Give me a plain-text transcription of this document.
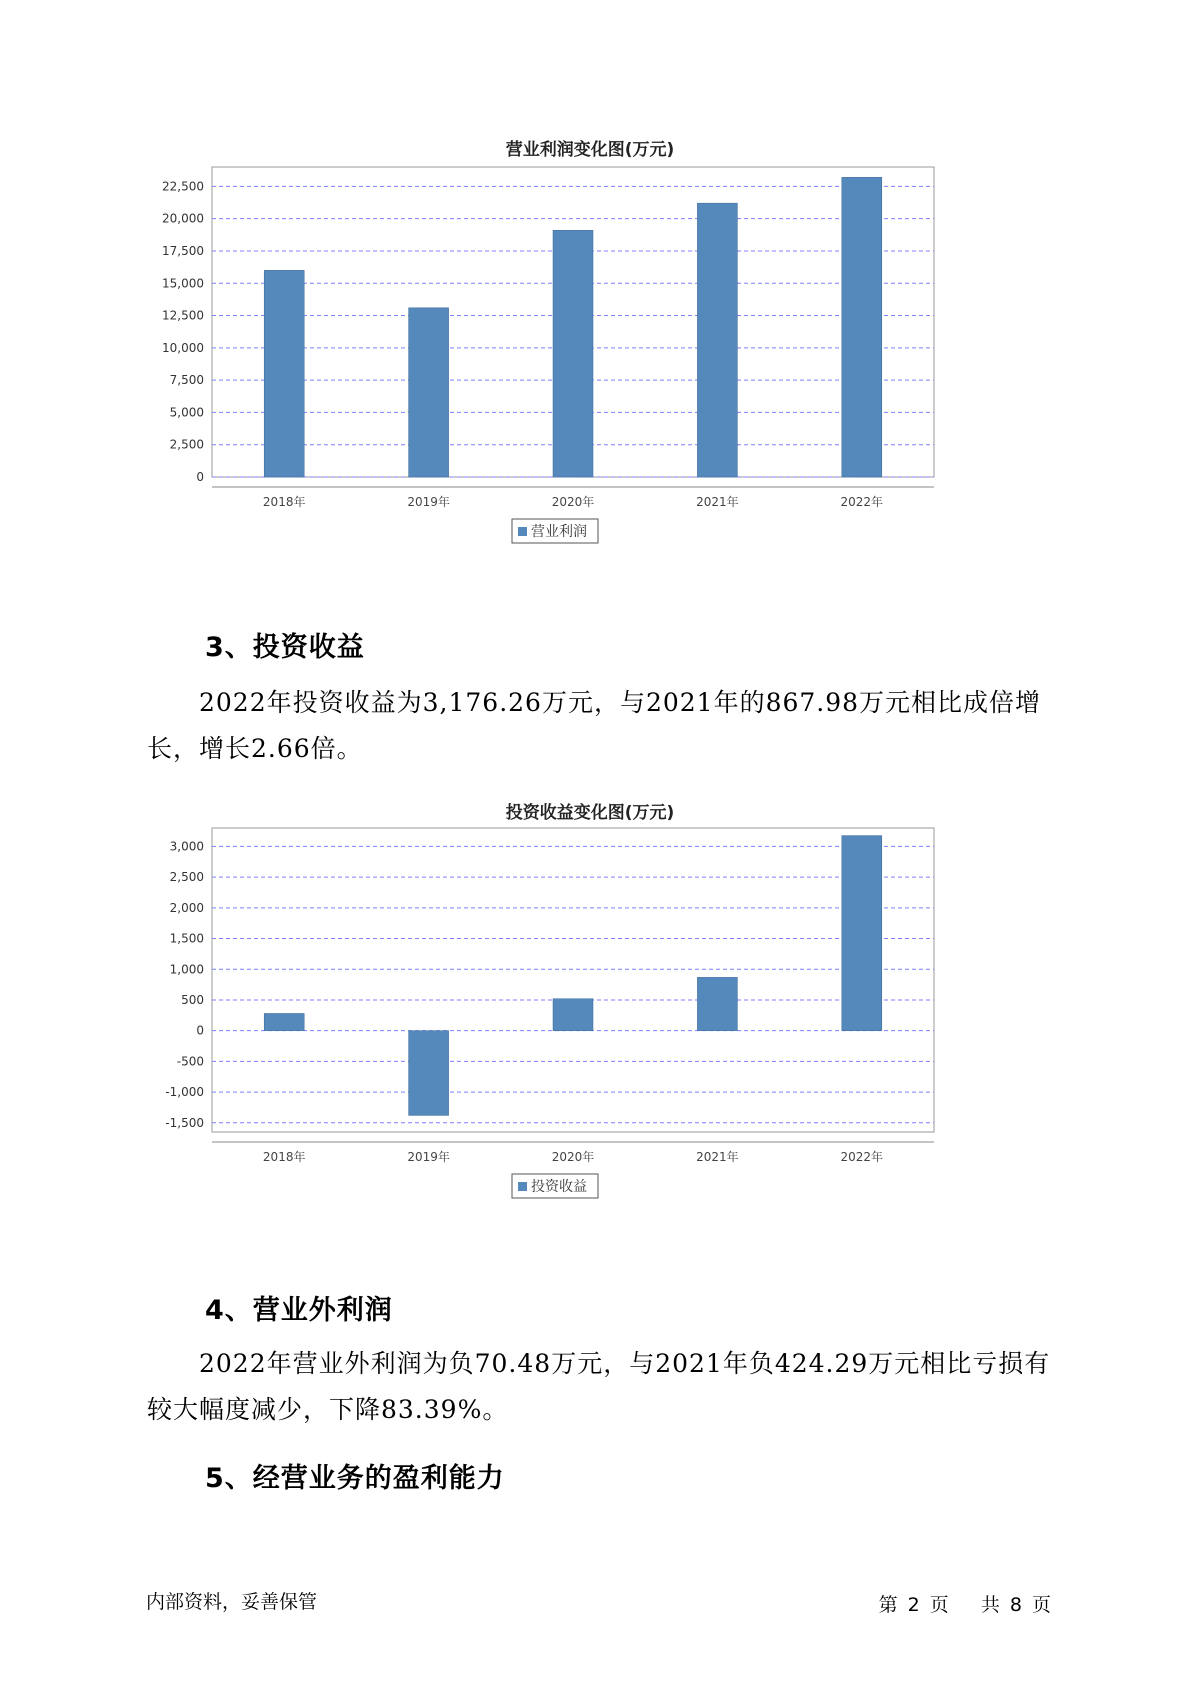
营业利润变化图(万元)
0
2,500
5,000
7,500
10,000
12,500
15,000
17,500
20,000
22,500
2018年	2019年	2020年	2021年	2022年
营业利润
3、投资收益

2022年投资收益为3,176.26万元，与2021年的867.98万元相比成倍增长，增长2.66倍。

投资收益变化图(万元)
-1,500
-1,000
-500
0
500
1,000
1,500
2,000
2,500
3,000
2018年	2019年	2020年	2021年	2022年
投资收益
4、营业外利润

2022年营业外利润为负70.48万元，与2021年负424.29万元相比亏损有较大幅度减少，下降83.39%。

5、经营业务的盈利能力
内部资料，妥善保管	第 2 页 共 8 页
